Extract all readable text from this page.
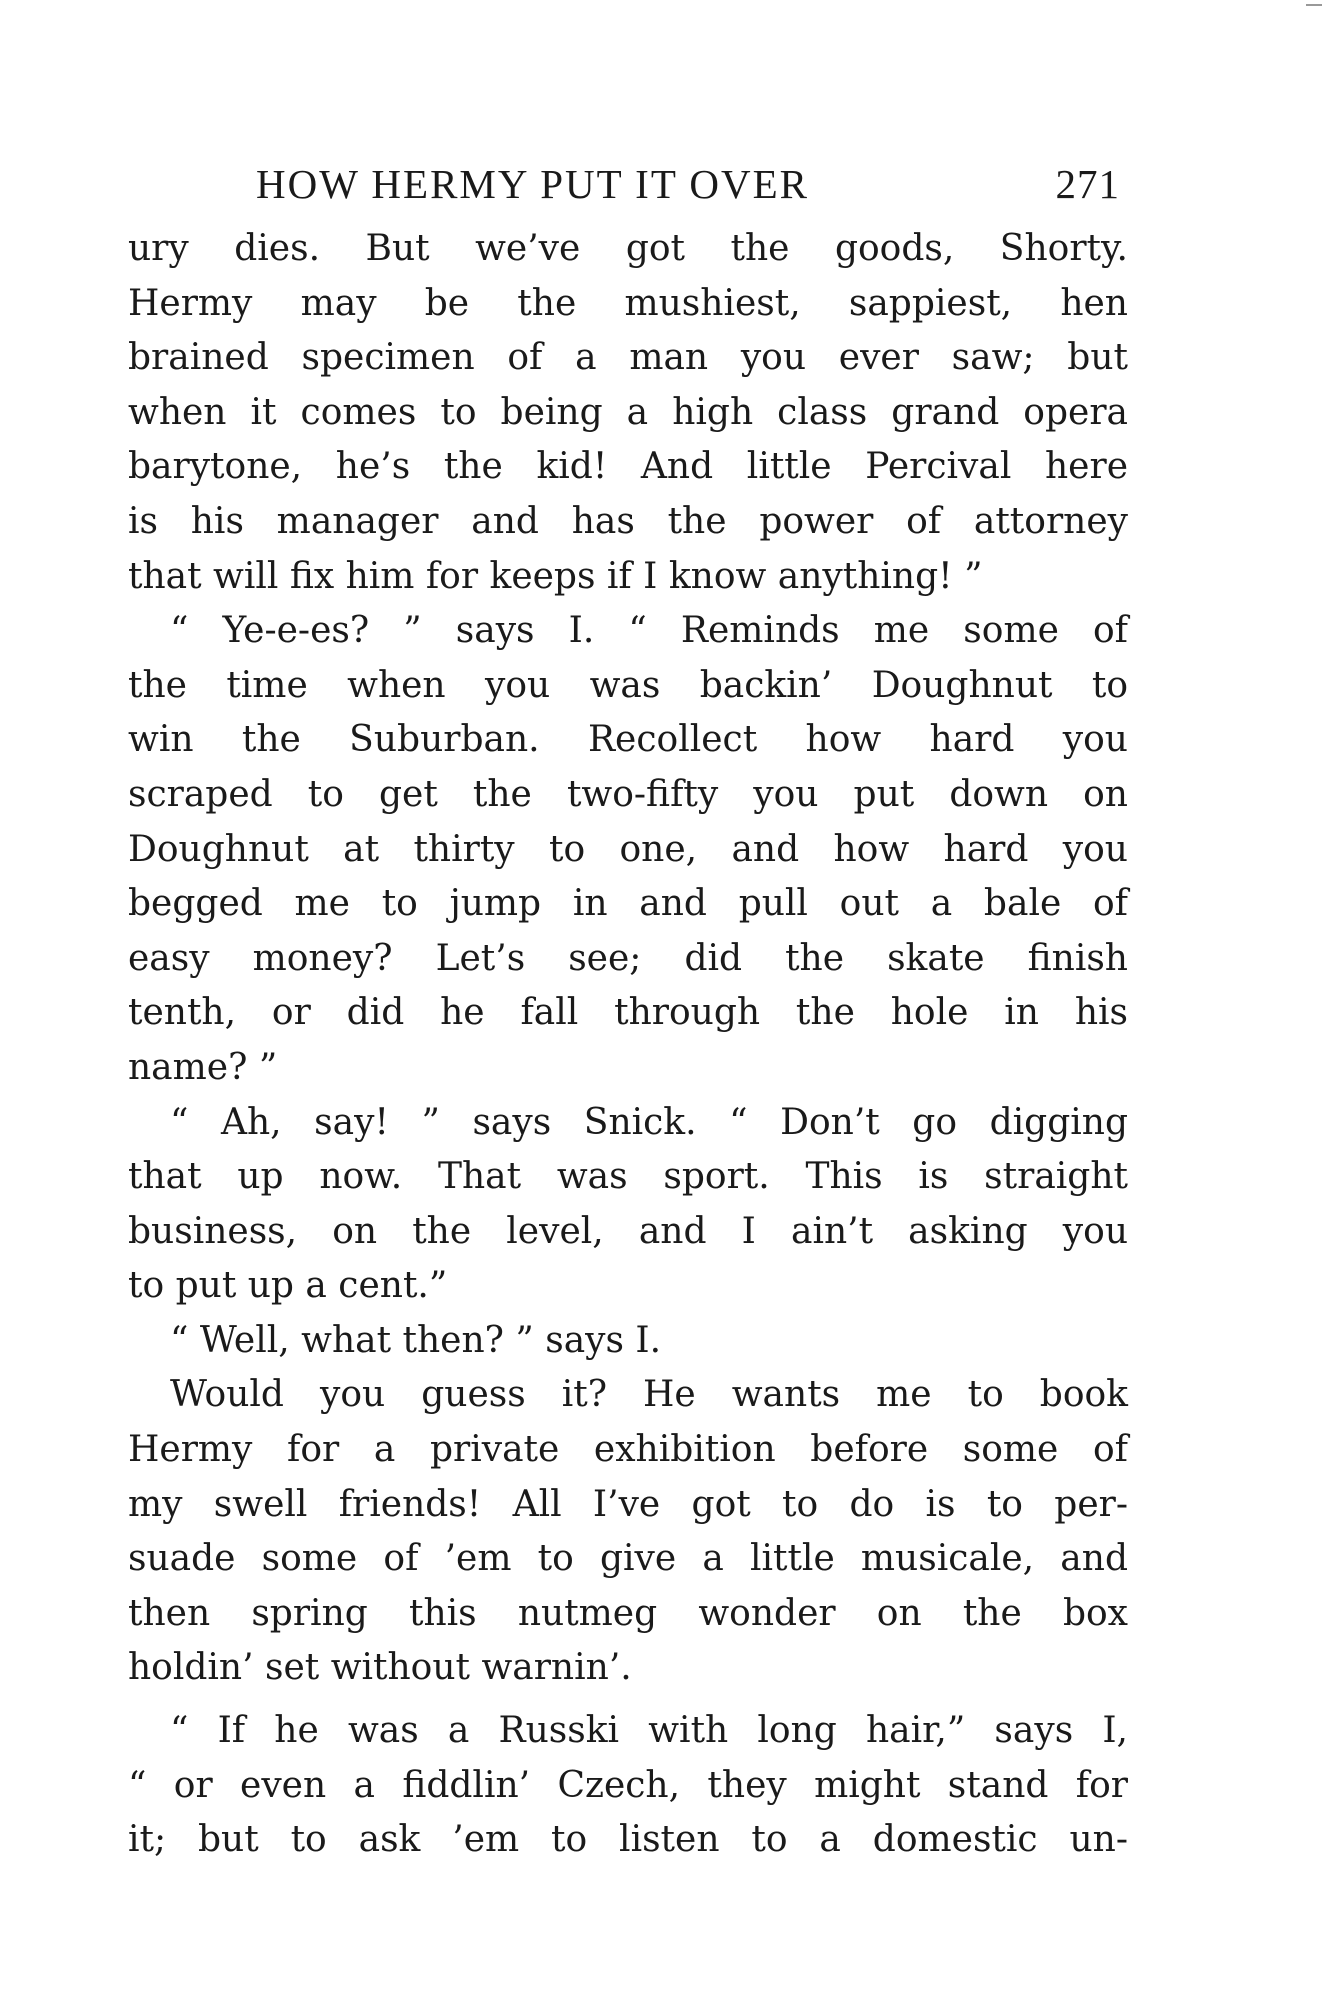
HOW HERMY PUT IT OVER	271
ury dies. But we’ve got the goods, Shorty.
Hermy may be the mushiest, sappiest, hen
brained specimen of a man you ever saw; but
when it comes to being a high class grand opera
barytone, he’s the kid! And little Percival here
is his manager and has the power of attorney
that will fix him for keeps if I know anything! ”
“ Ye-e-es? ” says I. “ Reminds me some of
the time when you was backin’ Doughnut to
win the Suburban. Recollect how hard you
scraped to get the two-fifty you put down on
Doughnut at thirty to one, and how hard you
begged me to jump in and pull out a bale of
easy money? Let’s see; did the skate finish
tenth, or did he fall through the hole in his
name? ”
“ Ah, say! ” says Snick. “ Don’t go digging
that up now. That was sport. This is straight
business, on the level, and I ain’t asking you
to put up a cent.”
“ Well, what then? ” says I.
Would you guess it? He wants me to book
Hermy for a private exhibition before some of
my swell friends! All I’ve got to do is to per-
suade some of ’em to give a little musicale, and
then spring this nutmeg wonder on the box
holdin’ set without warnin’.
“ If he was a Russki with long hair,” says I,
“ or even a fiddlin’ Czech, they might stand for
it; but to ask ’em to listen to a domestic un-
